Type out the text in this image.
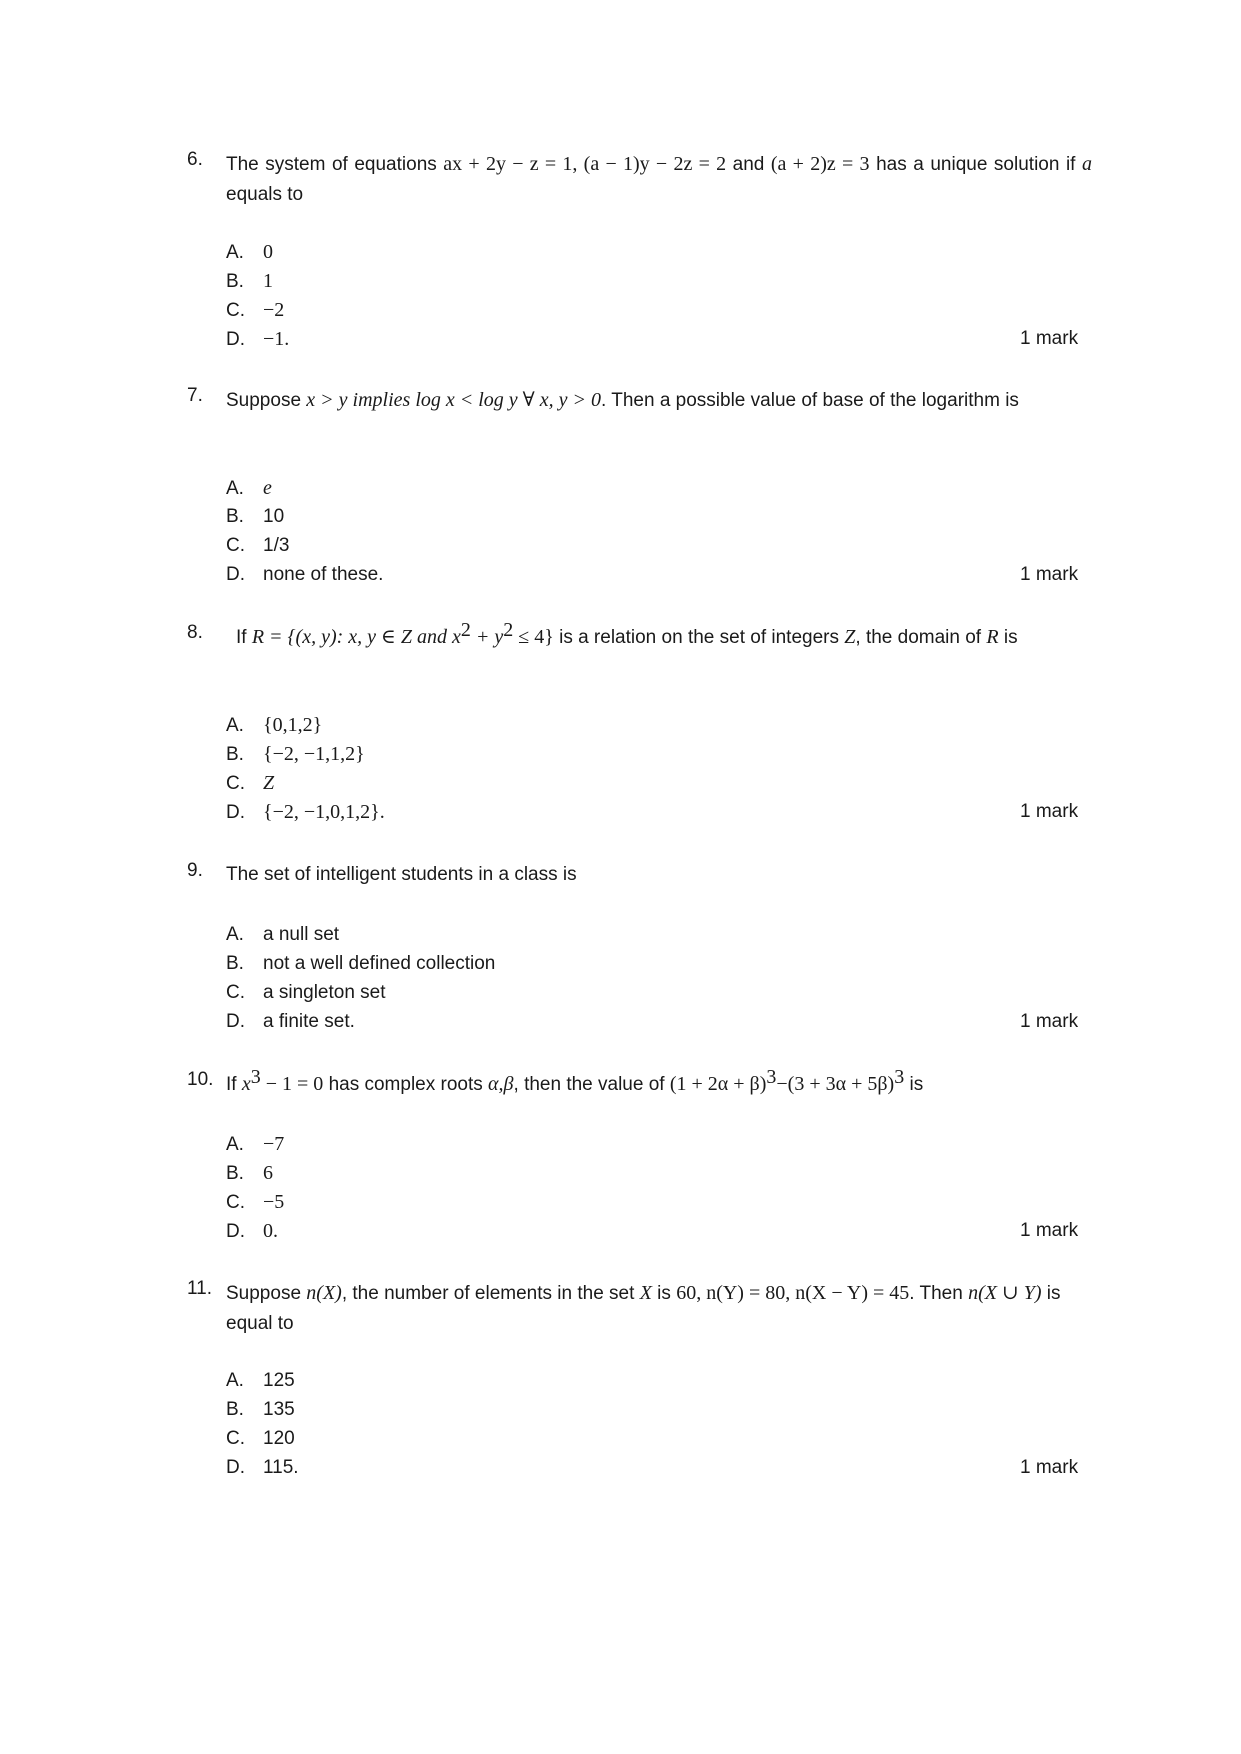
6. The system of equations ax + 2y − z = 1, (a − 1)y − 2z = 2 and (a + 2)z = 3 has a unique solution if a equals to
A. 0
B. 1
C. −2
D. −1.	1 mark
7. Suppose x > y implies log x < log y ∀ x, y > 0. Then a possible value of base of the logarithm is
A. e
B. 10
C. 1/3
D. none of these.	1 mark
8.	If R = {(x, y): x, y ∈ Z and $x^2 + y^2 \le 4$} is a relation on the set of integers Z, the domain of R is
A. {0,1,2}
B. {−2, −1,1,2}
C. Z
D. {−2, −1,0,1,2}.	1 mark
9. The set of intelligent students in a class is
A. a null set
B. not a well defined collection
C. a singleton set
D. a finite set.	1 mark
10. If $x^3 - 1 = 0$ has complex roots α,β, then the value of $(1 + 2\alpha + \beta)^3-(3 + 3\alpha + 5\beta)^3$ is
A. −7
B. 6
C. −5
D. 0.	1 mark
11. Suppose n(X), the number of elements in the set X is 60, n(Y) = 80, n(X − Y) = 45. Then n(X ∪ Y) is equal to
A. 125
B. 135
C. 120
D. 115.	1 mark
